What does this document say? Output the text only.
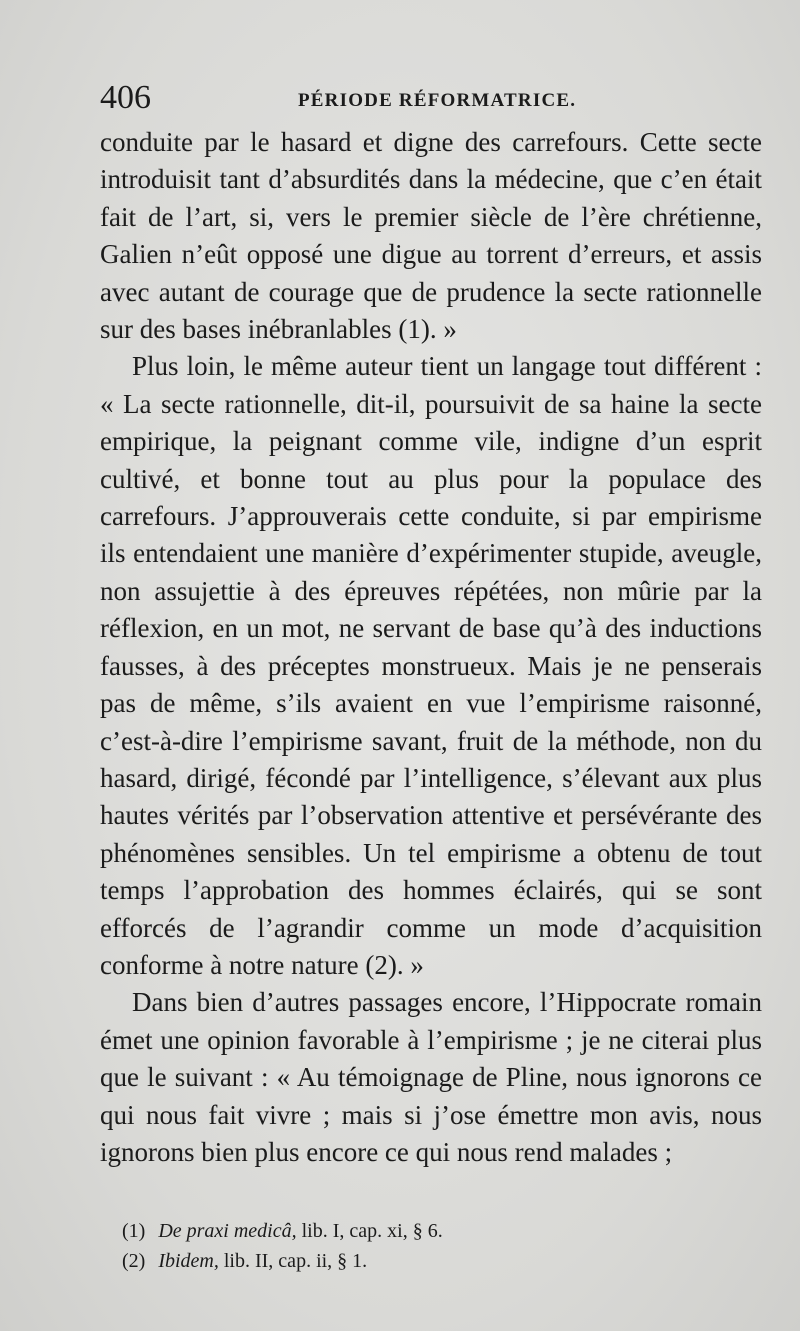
406	PÉRIODE RÉFORMATRICE.

conduite par le hasard et digne des carrefours. Cette secte introduisit tant d’absurdités dans la médecine, que c’en était fait de l’art, si, vers le premier siècle de l’ère chrétienne, Galien n’eût opposé une digue au torrent d’erreurs, et assis avec autant de courage que de prudence la secte rationnelle sur des bases inébranlables (1). »

Plus loin, le même auteur tient un langage tout différent : « La secte rationnelle, dit-il, poursuivit de sa haine la secte empirique, la peignant comme vile, indigne d’un esprit cultivé, et bonne tout au plus pour la populace des carrefours. J’approuverais cette conduite, si par empirisme ils entendaient une manière d’expérimenter stupide, aveugle, non assujettie à des épreuves répétées, non mûrie par la réflexion, en un mot, ne servant de base qu’à des inductions fausses, à des préceptes monstrueux. Mais je ne penserais pas de même, s’ils avaient en vue l’empirisme raisonné, c’est-à-dire l’empirisme savant, fruit de la méthode, non du hasard, dirigé, fécondé par l’intelligence, s’élevant aux plus hautes vérités par l’observation attentive et persévérante des phénomènes sensibles. Un tel empirisme a obtenu de tout temps l’approbation des hommes éclairés, qui se sont efforcés de l’agrandir comme un mode d’acquisition conforme à notre nature (2). »

Dans bien d’autres passages encore, l’Hippocrate romain émet une opinion favorable à l’empirisme ; je ne citerai plus que le suivant : « Au témoignage de Pline, nous ignorons ce qui nous fait vivre ; mais si j’ose émettre mon avis, nous ignorons bien plus encore ce qui nous rend malades ;

(1) De praxi medicâ, lib. I, cap. xi, § 6.
(2) Ibidem, lib. II, cap. ii, § 1.
